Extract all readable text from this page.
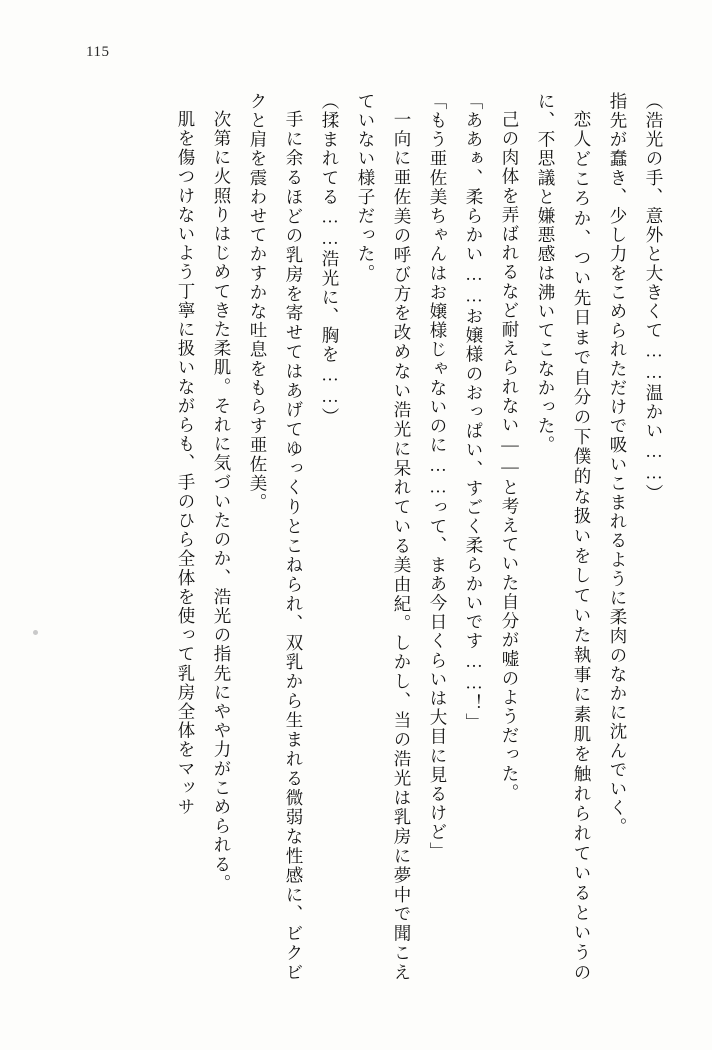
115

（浩光の手、意外と大きくて……温かい……）

指先が蠢き、少し力をこめられただけで吸いこまれるように柔肉のなかに沈んでいく。

恋人どころか、つい先日まで自分の下僕的な扱いをしていた執事に素肌を触れられているというのに、不思議と嫌悪感は沸いてこなかった。

己の肉体を弄ばれるなど耐えられない――と考えていた自分が嘘のようだった。

「ああぁ、柔らかい……お嬢様のおっぱい、すごく柔らかいです……！」

「もう亜佐美ちゃんはお嬢様じゃないのに……って、まあ今日くらいは大目に見るけど」

一向に亜佐美の呼び方を改めない浩光に呆れている美由紀。しかし、当の浩光は乳房に夢中で聞こえていない様子だった。

（揉まれてる……浩光に、胸を……）

手に余るほどの乳房を寄せてはあげてゆっくりとこねられ、双乳から生まれる微弱な性感に、ビクビクと肩を震わせてかすかな吐息をもらす亜佐美。

次第に火照りはじめてきた柔肌。それに気づいたのか、浩光の指先にやや力がこめられる。

肌を傷つけないよう丁寧に扱いながらも、手のひら全体を使って乳房全体をマッサ
